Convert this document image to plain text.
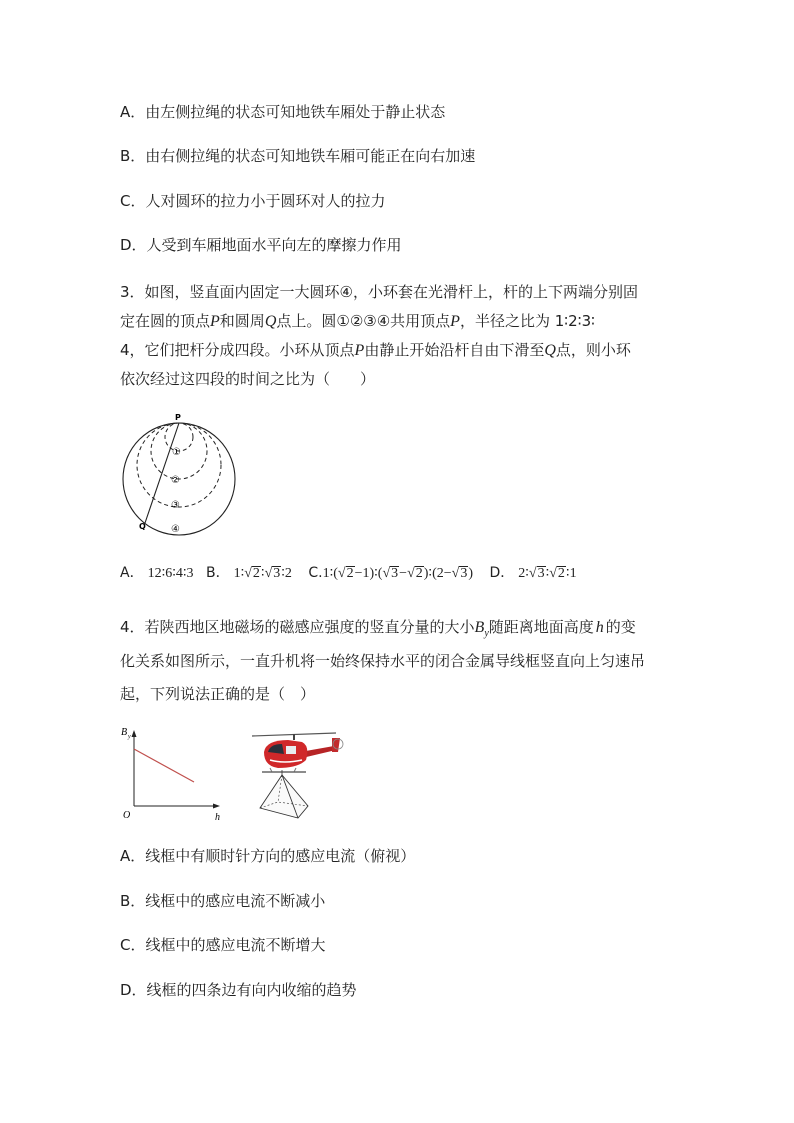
A．由左侧拉绳的状态可知地铁车厢处于静止状态
B．由右侧拉绳的状态可知地铁车厢可能正在向右加速
C．人对圆环的拉力小于圆环对人的拉力
D．人受到车厢地面水平向左的摩擦力作用
3．如图，竖直面内固定一大圆环④，小环套在光滑杆上，杆的上下两端分别固
定在圆的顶点P和圆周Q点上。圆①②③④共用顶点P，半径之比为 1∶2∶3∶
4，它们把杆分成四段。小环从顶点P由静止开始沿杆自由下滑至Q点，则小环
依次经过这四段的时间之比为（　　）
P
Q
①
②
③
④
A． 12∶6∶4∶3 B． 1∶√2∶√3∶2 C.1∶(√2−1)∶(√3−√2)∶(2−√3) D． 2∶√3∶√2∶1
4．若陕西地区地磁场的磁感应强度的竖直分量的大小$B_y$随距离地面高度 h 的变
化关系如图所示，一直升机将一始终保持水平的闭合金属导线框竖直向上匀速吊
起，下列说法正确的是（　）
B y
h
O
A．线框中有顺时针方向的感应电流（俯视）
B．线框中的感应电流不断减小
C．线框中的感应电流不断增大
D．线框的四条边有向内收缩的趋势
